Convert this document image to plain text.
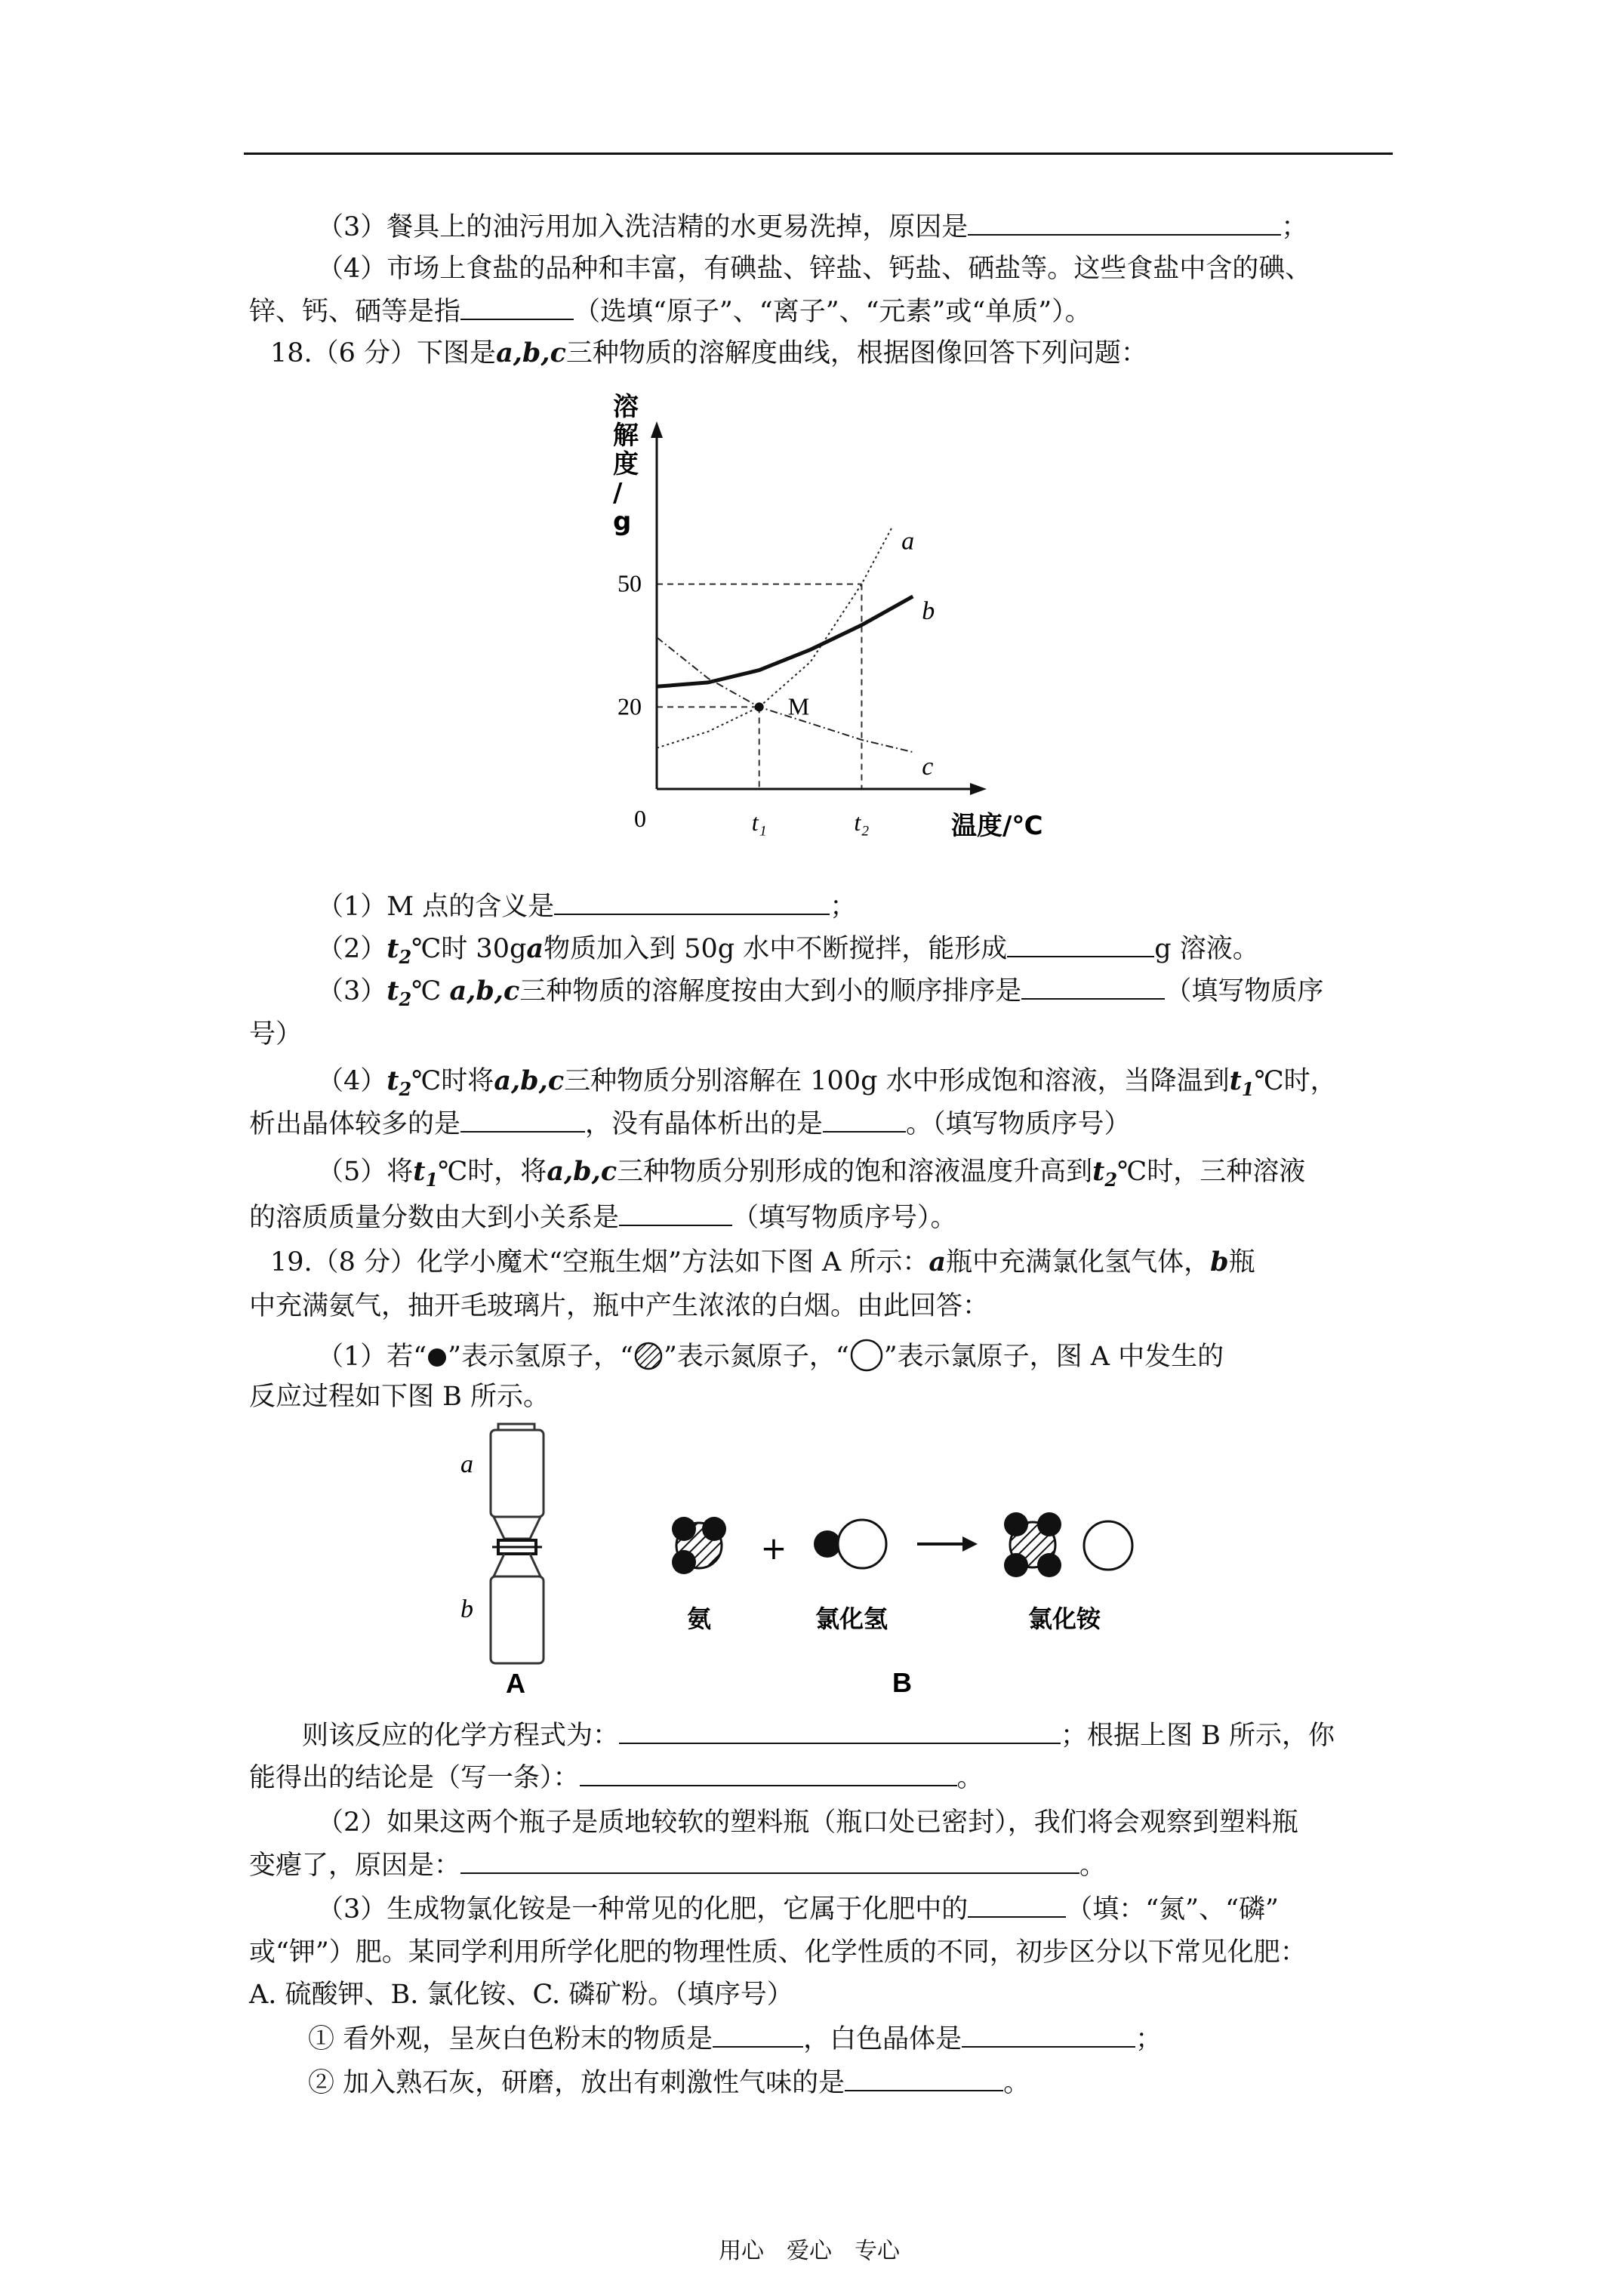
（3）餐具上的油污用加入洗洁精的水更易洗掉，原因是	；
（4）市场上食盐的品种和丰富，有碘盐、锌盐、钙盐、硒盐等。这些食盐中含的碘、
锌、钙、硒等是指	（选填“原子”、“离子”、“元素”或“单质”）。
18.（6 分）下图是a,b,c三种物质的溶解度曲线，根据图像回答下列问题：
a
b
c
M
20
50
t₁	t₂
0
溶解度/ g
温度/℃
（1）M 点的含义是	；
$(2)t_2℃$时 30ga物质加入到 50g 水中不断搅拌，能形成	g 溶液。
$(3)t_2℃$ a,b,c三种物质的溶解度按由大到小的顺序排序是	（填写物质序
号）
$(4)t_2℃$时将a,b,c三种物质分别溶解在 100g 水中形成饱和溶液，当降温到$t_1℃$时，
析出晶体较多的是	，没有晶体析出的是	。（填写物质序号）
（5）将$t_1℃$时，将a,b,c三种物质分别形成的饱和溶液温度升高到$t_2℃$时，三种溶液
的溶质质量分数由大到小关系是	（填写物质序号）。
19.（8 分）化学小魔术“空瓶生烟”方法如下图 A 所示：a瓶中充满氯化氢气体，b瓶
中充满氨气，抽开毛玻璃片，瓶中产生浓浓的白烟。由此回答：
（1）若“ ”表示氢原子，“ ”表示氮原子，“ ”表示氯原子，图 A 中发生的
反应过程如下图 B 所示。
a
b
A
+
氨	氯化氢	氯化铵
B
则该反应的化学方程式为：	；根据上图 B 所示，你
能得出的结论是（写一条）：	。
（2）如果这两个瓶子是质地较软的塑料瓶（瓶口处已密封），我们将会观察到塑料瓶
变瘪了，原因是：	。
（3）生成物氯化铵是一种常见的化肥，它属于化肥中的	（填：“氮”、“磷”
或“钾”）肥。某同学利用所学化肥的物理性质、化学性质的不同，初步区分以下常见化肥：
A. 硫酸钾、B. 氯化铵、C. 磷矿粉。（填序号）
① 看外观，呈灰白色粉末的物质是	，白色晶体是	；
② 加入熟石灰，研磨，放出有刺激性气味的是	。
用心　爱心　专心
